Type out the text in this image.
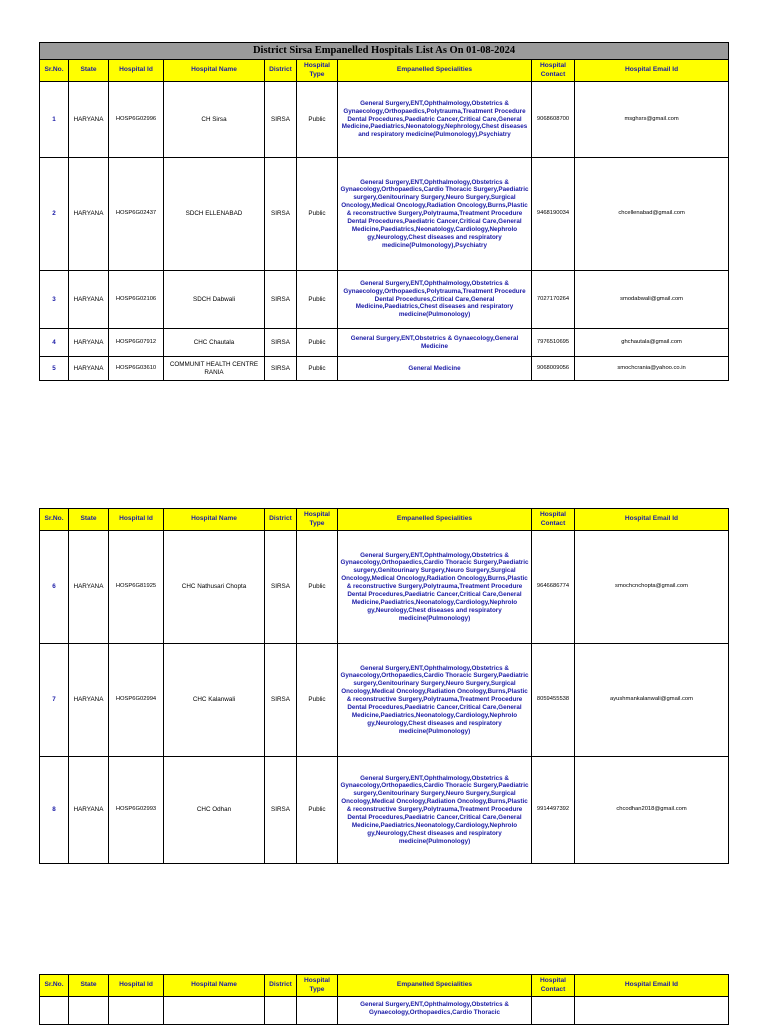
District Sirsa Empanelled Hospitals List As On 01-08-2024								
Sr.No.	State	Hospital Id	Hospital Name	District	Hospital Type	Empanelled Specialities	Hospital Contact	Hospital Email Id
1	HARYANA	HOSP6G02996	CH Sirsa	SIRSA	Public	General Surgery,ENT,Ophthalmology,Obstetrics & Gynaecology,Orthopaedics,Polytrauma,Treatment Procedure Dental Procedures,Paediatric Cancer,Critical Care,General Medicine,Paediatrics,Neonatology,Nephrology,Chest diseases and respiratory medicine(Pulmonology),Psychiatry	9068608700	msghsrs@gmail.com
2	HARYANA	HOSP6G02437	SDCH ELLENABAD	SIRSA	Public	General Surgery,ENT,Ophthalmology,Obstetrics & Gynaecology,Orthopaedics,Cardio Thoracic Surgery,Paediatric surgery,Genitourinary Surgery,Neuro Surgery,Surgical Oncology,Medical Oncology,Radiation Oncology,Burns,Plastic & reconstructive Surgery,Polytrauma,Treatment Procedure Dental Procedures,Paediatric Cancer,Critical Care,General Medicine,Paediatrics,Neonatology,Cardiology,Nephrolo gy,Neurology,Chest diseases and respiratory medicine(Pulmonology),Psychiatry	9468190034	chcellenabad@gmail.com
3	HARYANA	HOSP6G02106	SDCH Dabwali	SIRSA	Public	General Surgery,ENT,Ophthalmology,Obstetrics & Gynaecology,Orthopaedics,Polytrauma,Treatment Procedure Dental Procedures,Critical Care,General Medicine,Paediatrics,Chest diseases and respiratory medicine(Pulmonology)	7027170264	smodabwali@gmail.com
4	HARYANA	HOSP6G07912	CHC Chautala	SIRSA	Public	General Surgery,ENT,Obstetrics & Gynaecology,General Medicine	7976510695	ghchautala@gmail.com
5	HARYANA	HOSP6G03610	COMMUNIT HEALTH CENTRE RANIA	SIRSA	Public	General Medicine	9068009056	smochcrania@yahoo.co.in
Sr.No.	State	Hospital Id	Hospital Name	District	Hospital Type	Empanelled Specialities	Hospital Contact	Hospital Email Id
6	HARYANA	HOSP6G81925	CHC Nathusari Chopta	SIRSA	Public	General Surgery,ENT,Ophthalmology,Obstetrics & Gynaecology,Orthopaedics,Cardio Thoracic Surgery,Paediatric surgery,Genitourinary Surgery,Neuro Surgery,Surgical Oncology,Medical Oncology,Radiation Oncology,Burns,Plastic & reconstructive Surgery,Polytrauma,Treatment Procedure Dental Procedures,Paediatric Cancer,Critical Care,General Medicine,Paediatrics,Neonatology,Cardiology,Nephrolo gy,Neurology,Chest diseases and respiratory medicine(Pulmonology)	9646686774	smochcnchopta@gmail.com
7	HARYANA	HOSP6G02994	CHC Kalanwali	SIRSA	Public	General Surgery,ENT,Ophthalmology,Obstetrics & Gynaecology,Orthopaedics,Cardio Thoracic Surgery,Paediatric surgery,Genitourinary Surgery,Neuro Surgery,Surgical Oncology,Medical Oncology,Radiation Oncology,Burns,Plastic & reconstructive Surgery,Polytrauma,Treatment Procedure Dental Procedures,Paediatric Cancer,Critical Care,General Medicine,Paediatrics,Neonatology,Cardiology,Nephrolo gy,Neurology,Chest diseases and respiratory medicine(Pulmonology)	8059455538	ayushmankalanwali@gmail.com
8	HARYANA	HOSP6G02993	CHC Odhan	SIRSA	Public	General Surgery,ENT,Ophthalmology,Obstetrics & Gynaecology,Orthopaedics,Cardio Thoracic Surgery,Paediatric surgery,Genitourinary Surgery,Neuro Surgery,Surgical Oncology,Medical Oncology,Radiation Oncology,Burns,Plastic & reconstructive Surgery,Polytrauma,Treatment Procedure Dental Procedures,Paediatric Cancer,Critical Care,General Medicine,Paediatrics,Neonatology,Cardiology,Nephrolo gy,Neurology,Chest diseases and respiratory medicine(Pulmonology)	9914497392	chcodhan2018@gmail.com
Sr.No.	State	Hospital Id	Hospital Name	District	Hospital Type	Empanelled Specialities	Hospital Contact	Hospital Email Id
						General Surgery,ENT,Ophthalmology,Obstetrics & Gynaecology,Orthopaedics,Cardio Thoracic		
